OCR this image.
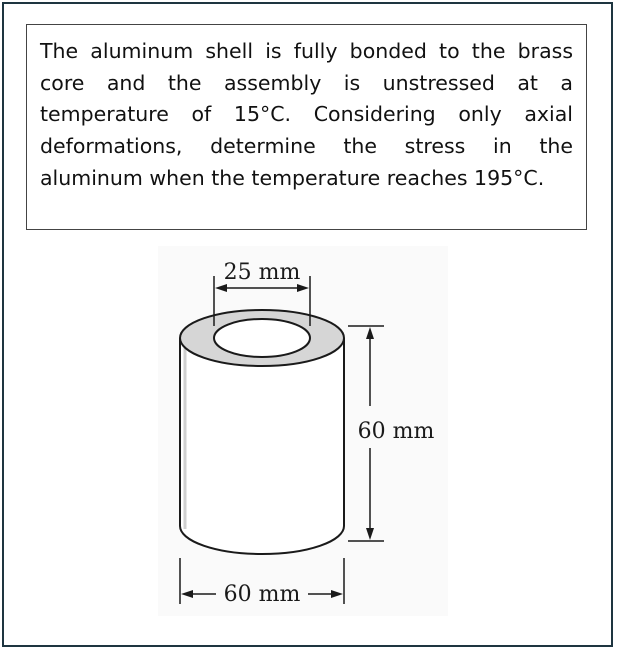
The aluminum shell is fully bonded to the brass core and the assembly is unstressed at a temperature of 15°C. Considering only axial deformations, determine the stress in the aluminum when the temperature reaches 195°C.
25 mm
60 mm
60 mm
